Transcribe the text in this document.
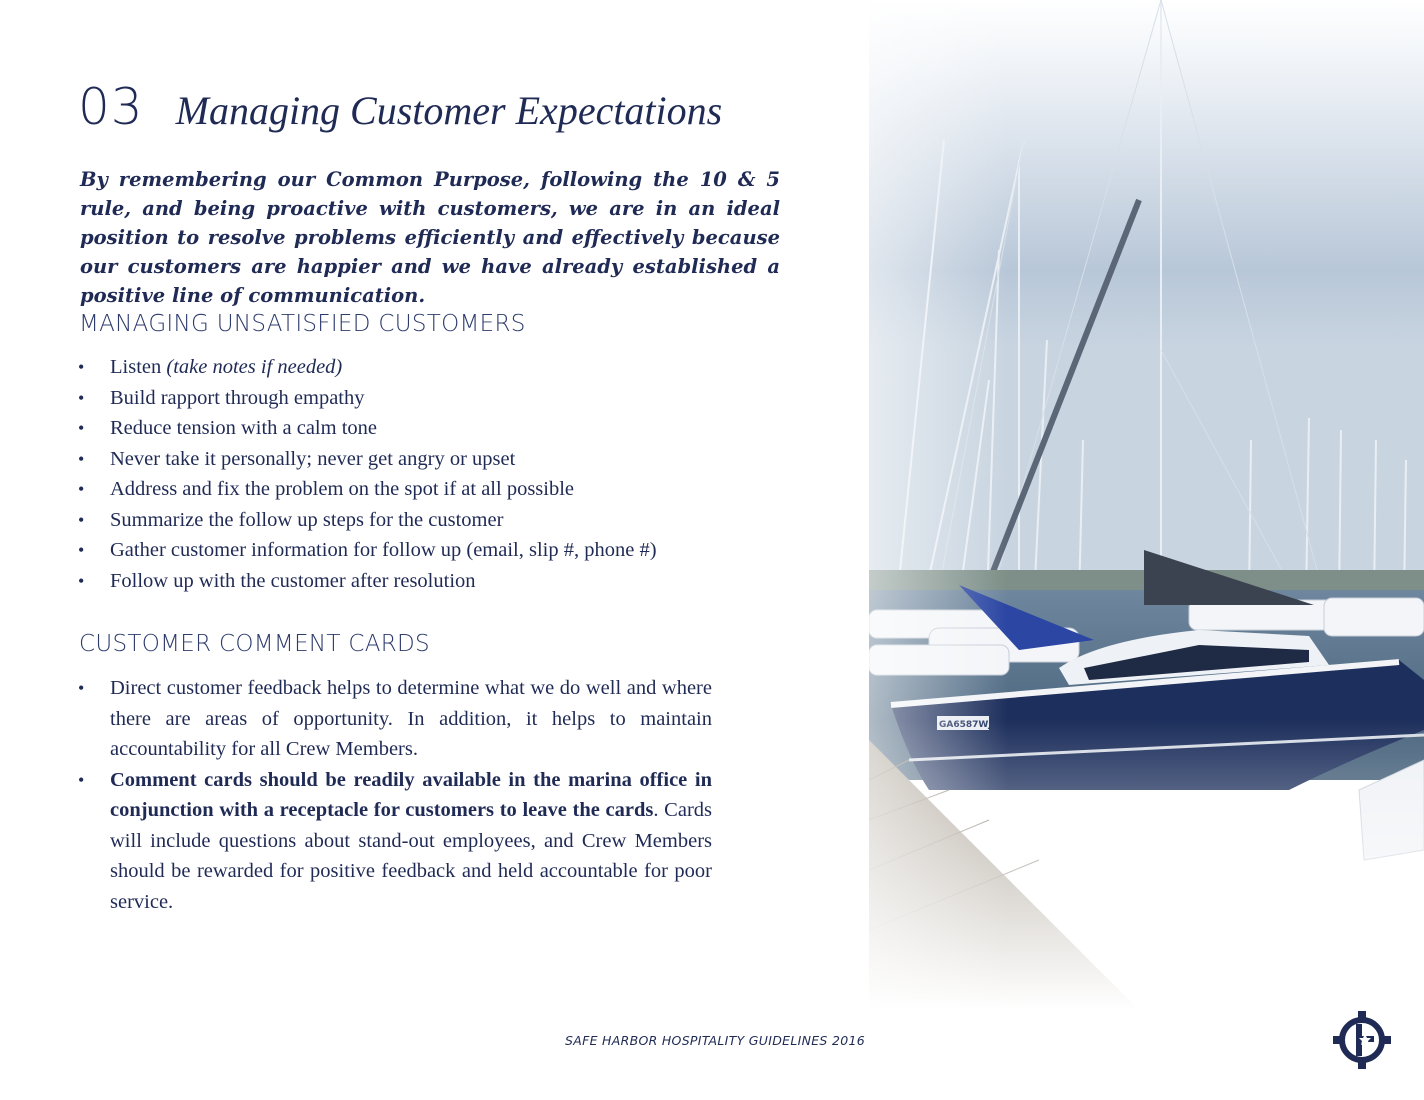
03 Managing Customer Expectations

By remembering our Common Purpose, following the 10 & 5 rule, and being proactive with customers, we are in an ideal position to resolve problems efficiently and effectively because our customers are happier and we have already established a positive line of communication.

MANAGING UNSATISFIED CUSTOMERS
• Listen (take notes if needed)
• Build rapport through empathy
• Reduce tension with a calm tone
• Never take it personally; never get angry or upset
• Address and fix the problem on the spot if at all possible
• Summarize the follow up steps for the customer
• Gather customer information for follow up (email, slip #, phone #)
• Follow up with the customer after resolution
CUSTOMER COMMENT CARDS
• Direct customer feedback helps to determine what we do well and where there are areas of opportunity. In addition, it helps to maintain accountability for all Crew Members.
• Comment cards should be readily available in the marina office in conjunction with a receptacle for customers to leave the cards. Cards will include questions about stand-out employees, and Crew Members should be rewarded for positive feedback and held accountable for poor service.
SAFE HARBOR HOSPITALITY GUIDELINES 2016
